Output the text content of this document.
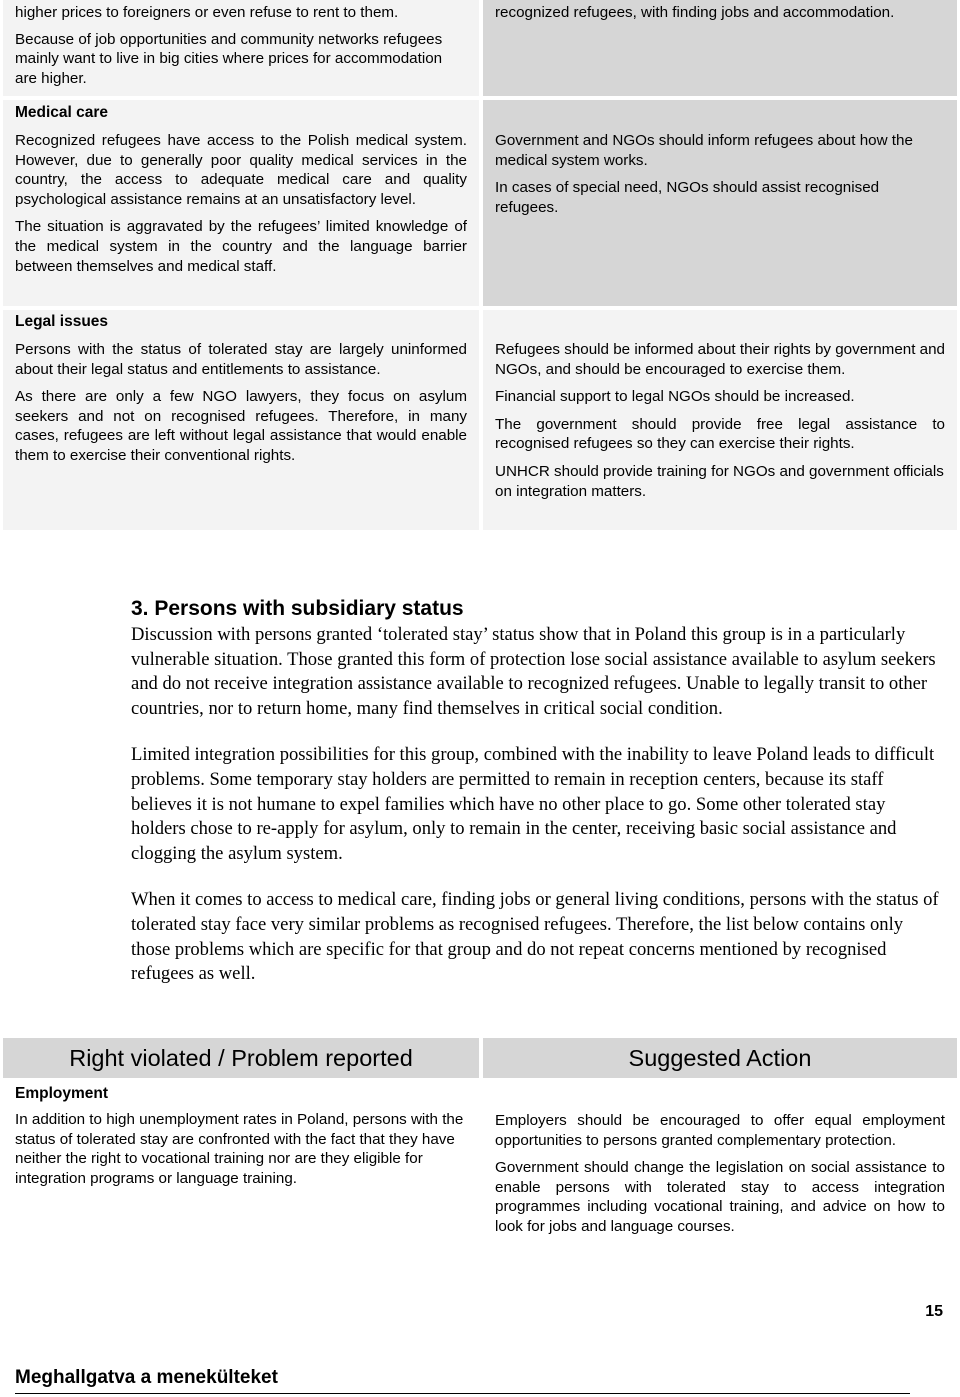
higher prices to foreigners or even refuse to rent to them.

Because of job opportunities and community networks refugees mainly want to live in big cities where prices for accommodation are higher.

recognized refugees, with finding jobs and accommodation.

Medical care

Recognized refugees have access to the Polish medical system. However, due to generally poor quality medical services in the country, the access to adequate medical care and quality psychological assistance remains at an unsatisfactory level.

The situation is aggravated by the refugees’ limited knowledge of the medical system in the country and the language barrier between themselves and medical staff.

Government and NGOs should inform refugees about how the medical system works.

In cases of special need, NGOs should assist recognised refugees.

Legal issues

Persons with the status of tolerated stay are largely uninformed about their legal status and entitlements to assistance.

As there are only a few NGO lawyers, they focus on asylum seekers and not on recognised refugees. Therefore, in many cases, refugees are left without legal assistance that would enable them to exercise their conventional rights.

Refugees should be informed about their rights by government and NGOs, and should be encouraged to exercise them.

Financial support to legal NGOs should be increased.

The government should provide free legal assistance to recognised refugees so they can exercise their rights.

UNHCR should provide training for NGOs and government officials on integration matters.

3. Persons with subsidiary status

Discussion with persons granted ‘tolerated stay’ status show that in Poland this group is in a particularly vulnerable situation. Those granted this form of protection lose social assistance available to asylum seekers and do not receive integration assistance available to recognized refugees. Unable to legally transit to other countries, nor to return home, many find themselves in critical social condition.

Limited integration possibilities for this group, combined with the inability to leave Poland leads to difficult problems. Some temporary stay holders are permitted to remain in reception centers, because its staff believes it is not humane to expel families which have no other place to go. Some other tolerated stay holders chose to re-apply for asylum, only to remain in the center, receiving basic social assistance and clogging the asylum system.

When it comes to access to medical care, finding jobs or general living conditions, persons with the status of tolerated stay face very similar problems as recognised refugees. Therefore, the list below contains only those problems which are specific for that group and do not repeat concerns mentioned by recognised refugees as well.

Right violated / Problem reported	Suggested Action
Employment

In addition to high unemployment rates in Poland, persons with the status of tolerated stay are confronted with the fact that they have neither the right to vocational training nor are they eligible for integration programs or language training.

Employers should be encouraged to offer equal employment opportunities to persons granted complementary protection.

Government should change the legislation on social assistance to enable persons with tolerated stay to access integration programmes including vocational training, and advice on how to look for jobs and language courses.

15
Meghallgatva a menekülteket
